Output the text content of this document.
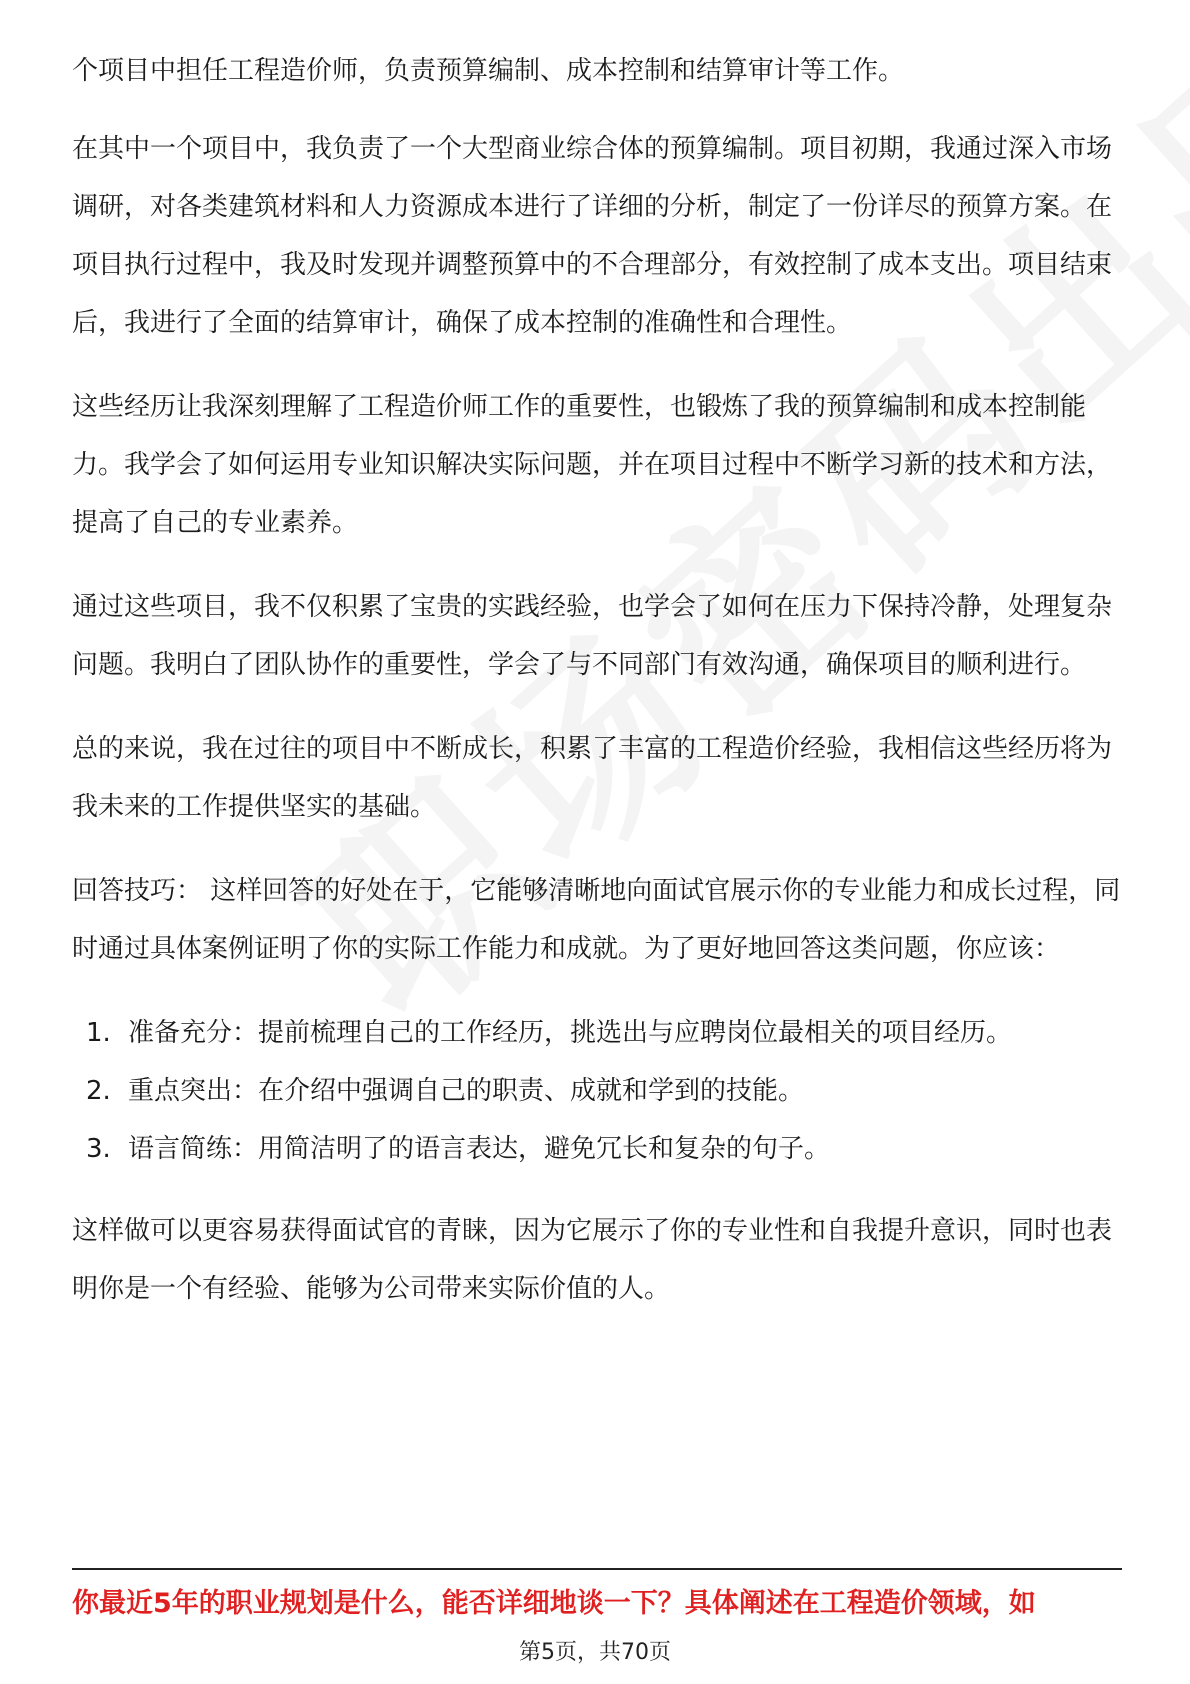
个项目中担任工程造价师，负责预算编制、成本控制和结算审计等工作。

在其中一个项目中，我负责了一个大型商业综合体的预算编制。项目初期，我通过深入市场调研，对各类建筑材料和人力资源成本进行了详细的分析，制定了一份详尽的预算方案。在项目执行过程中，我及时发现并调整预算中的不合理部分，有效控制了成本支出。项目结束后，我进行了全面的结算审计，确保了成本控制的准确性和合理性。

这些经历让我深刻理解了工程造价师工作的重要性，也锻炼了我的预算编制和成本控制能力。我学会了如何运用专业知识解决实际问题，并在项目过程中不断学习新的技术和方法，提高了自己的专业素养。

通过这些项目，我不仅积累了宝贵的实践经验，也学会了如何在压力下保持冷静，处理复杂问题。我明白了团队协作的重要性，学会了与不同部门有效沟通，确保项目的顺利进行。

总的来说，我在过往的项目中不断成长，积累了丰富的工程造价经验，我相信这些经历将为我未来的工作提供坚实的基础。

回答技巧： 这样回答的好处在于，它能够清晰地向面试官展示你的专业能力和成长过程，同时通过具体案例证明了你的实际工作能力和成就。为了更好地回答这类问题，你应该：

1. 准备充分：提前梳理自己的工作经历，挑选出与应聘岗位最相关的项目经历。
2. 重点突出：在介绍中强调自己的职责、成就和学到的技能。
3. 语言简练：用简洁明了的语言表达，避免冗长和复杂的句子。

这样做可以更容易获得面试官的青睐，因为它展示了你的专业性和自我提升意识，同时也表明你是一个有经验、能够为公司带来实际价值的人。

你最近5年的职业规划是什么，能否详细地谈一下？具体阐述在工程造价领域，如
第5页，共70页
